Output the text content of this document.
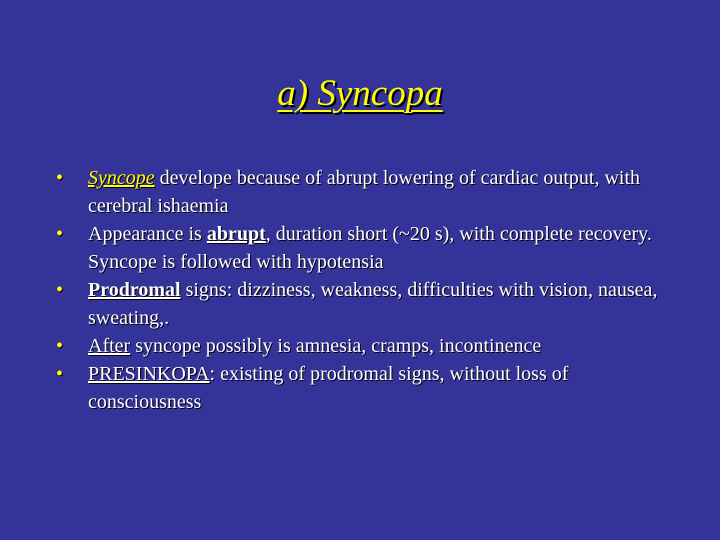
a) Syncopa
•	Syncope develope because of abrupt lowering of cardiac output, with cerebral ishaemia
•	Appearance is abrupt, duration short (~20 s), with complete recovery. Syncope is followed with hypotensia
•	Prodromal signs: dizziness, weakness, difficulties with vision, nausea, sweating,.
•	After syncope possibly is amnesia, cramps, incontinence
•	PRESINKOPA: existing of prodromal signs, without loss of consciousness
